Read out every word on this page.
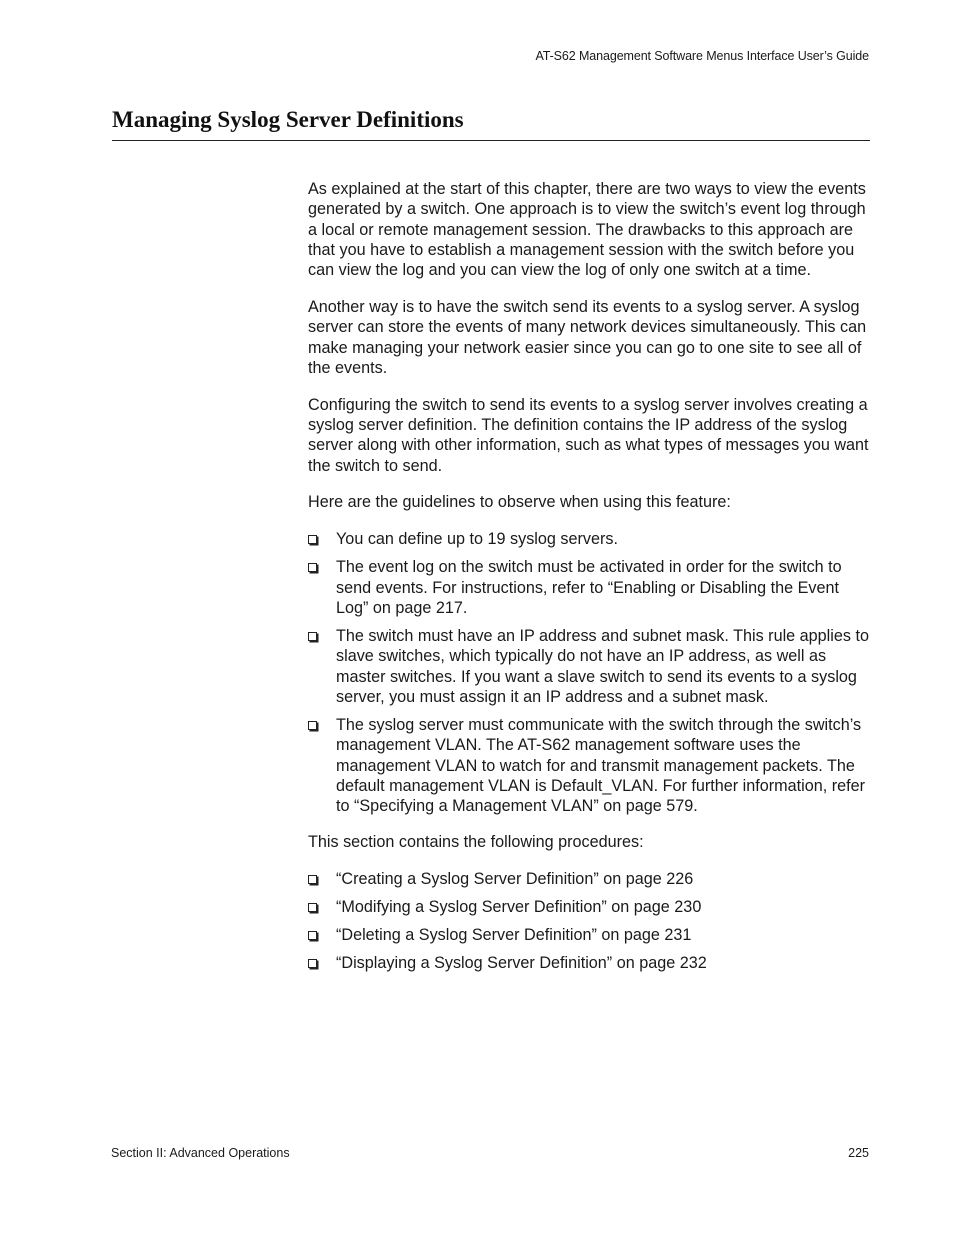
AT-S62 Management Software Menus Interface User’s Guide
Managing Syslog Server Definitions

As explained at the start of this chapter, there are two ways to view the events generated by a switch. One approach is to view the switch’s event log through a local or remote management session. The drawbacks to this approach are that you have to establish a management session with the switch before you can view the log and you can view the log of only one switch at a time.

Another way is to have the switch send its events to a syslog server. A syslog server can store the events of many network devices simultaneously. This can make managing your network easier since you can go to one site to see all of the events.

Configuring the switch to send its events to a syslog server involves creating a syslog server definition. The definition contains the IP address of the syslog server along with other information, such as what types of messages you want the switch to send.

Here are the guidelines to observe when using this feature:

You can define up to 19 syslog servers.
The event log on the switch must be activated in order for the switch to send events. For instructions, refer to “Enabling or Disabling the Event Log” on page 217.
The switch must have an IP address and subnet mask. This rule applies to slave switches, which typically do not have an IP address, as well as master switches. If you want a slave switch to send its events to a syslog server, you must assign it an IP address and a subnet mask.
The syslog server must communicate with the switch through the switch’s management VLAN. The AT-S62 management software uses the management VLAN to watch for and transmit management packets. The default management VLAN is Default_VLAN. For further information, refer to “Specifying a Management VLAN” on page 579.

This section contains the following procedures:

“Creating a Syslog Server Definition” on page 226
“Modifying a Syslog Server Definition” on page 230
“Deleting a Syslog Server Definition” on page 231
“Displaying a Syslog Server Definition” on page 232
Section II: Advanced Operations	225
